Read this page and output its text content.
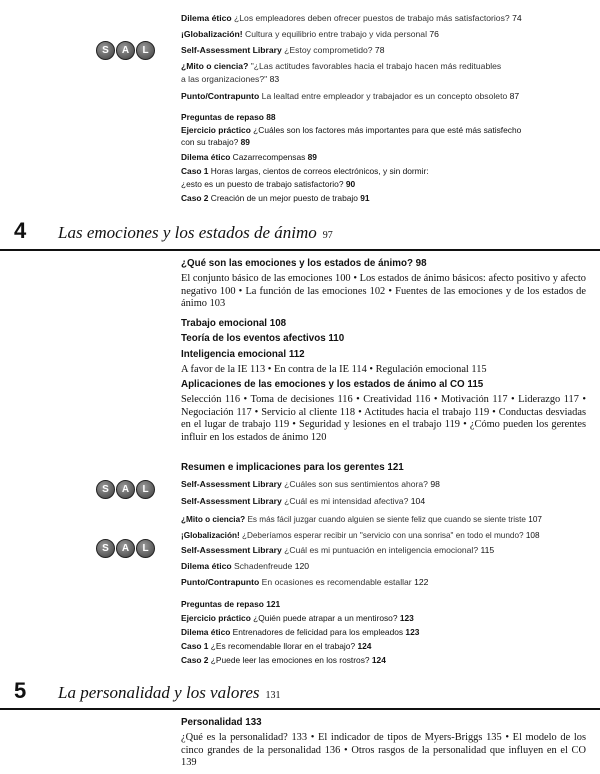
Dilema ético ¿Los empleadores deben ofrecer puestos de trabajo más satisfactorios? 74
¡Globalización! Cultura y equilibrio entre trabajo y vida personal 76
S	A	L	Self-Assessment Library ¿Estoy comprometido? 78
¿Mito o ciencia? "¿Las actitudes favorables hacia el trabajo hacen más redituables
a las organizaciones?" 83
Punto/Contrapunto La lealtad entre empleador y trabajador es un concepto obsoleto 87
Preguntas de repaso 88
Ejercicio práctico ¿Cuáles son los factores más importantes para que esté más satisfecho
con su trabajo? 89
Dilema ético Cazarrecompensas 89
Caso 1 Horas largas, cientos de correos electrónicos, y sin dormir:
¿esto es un puesto de trabajo satisfactorio? 90
Caso 2 Creación de un mejor puesto de trabajo 91
4 Las emociones y los estados de ánimo 97
¿Qué son las emociones y los estados de ánimo? 98
El conjunto básico de las emociones 100 • Los estados de ánimo básicos: afecto positivo y afecto negativo 100 • La función de las emociones 102 • Fuentes de las emociones y de los estados de ánimo 103
Trabajo emocional 108
Teoría de los eventos afectivos 110
Inteligencia emocional 112
A favor de la IE 113 • En contra de la IE 114 • Regulación emocional 115
Aplicaciones de las emociones y los estados de ánimo al CO 115
Selección 116 • Toma de decisiones 116 • Creatividad 116 • Motivación 117 • Liderazgo 117 • Negociación 117 • Servicio al cliente 118 • Actitudes hacia el trabajo 119 • Conductas desviadas en el lugar de trabajo 119 • Seguridad y lesiones en el trabajo 119 • ¿Cómo pueden los gerentes influir en los estados de ánimo 120
Resumen e implicaciones para los gerentes 121
S	A	L	Self-Assessment Library ¿Cuáles son sus sentimientos ahora? 98
Self-Assessment Library ¿Cuál es mi intensidad afectiva? 104
¿Mito o ciencia? Es más fácil juzgar cuando alguien se siente feliz que cuando se siente triste 107
¡Globalización! ¿Deberíamos esperar recibir un "servicio con una sonrisa" en todo el mundo? 108
S	A	L	Self-Assessment Library ¿Cuál es mi puntuación en inteligencia emocional? 115
Dilema ético Schadenfreude 120
Punto/Contrapunto En ocasiones es recomendable estallar 122
Preguntas de repaso 121
Ejercicio práctico ¿Quién puede atrapar a un mentiroso? 123
Dilema ético Entrenadores de felicidad para los empleados 123
Caso 1 ¿Es recomendable llorar en el trabajo? 124
Caso 2 ¿Puede leer las emociones en los rostros? 124
5 La personalidad y los valores 131
Personalidad 133
¿Qué es la personalidad? 133 • El indicador de tipos de Myers-Briggs 135 • El modelo de los cinco grandes de la personalidad 136 • Otros rasgos de la personalidad que influyen en el CO 139
